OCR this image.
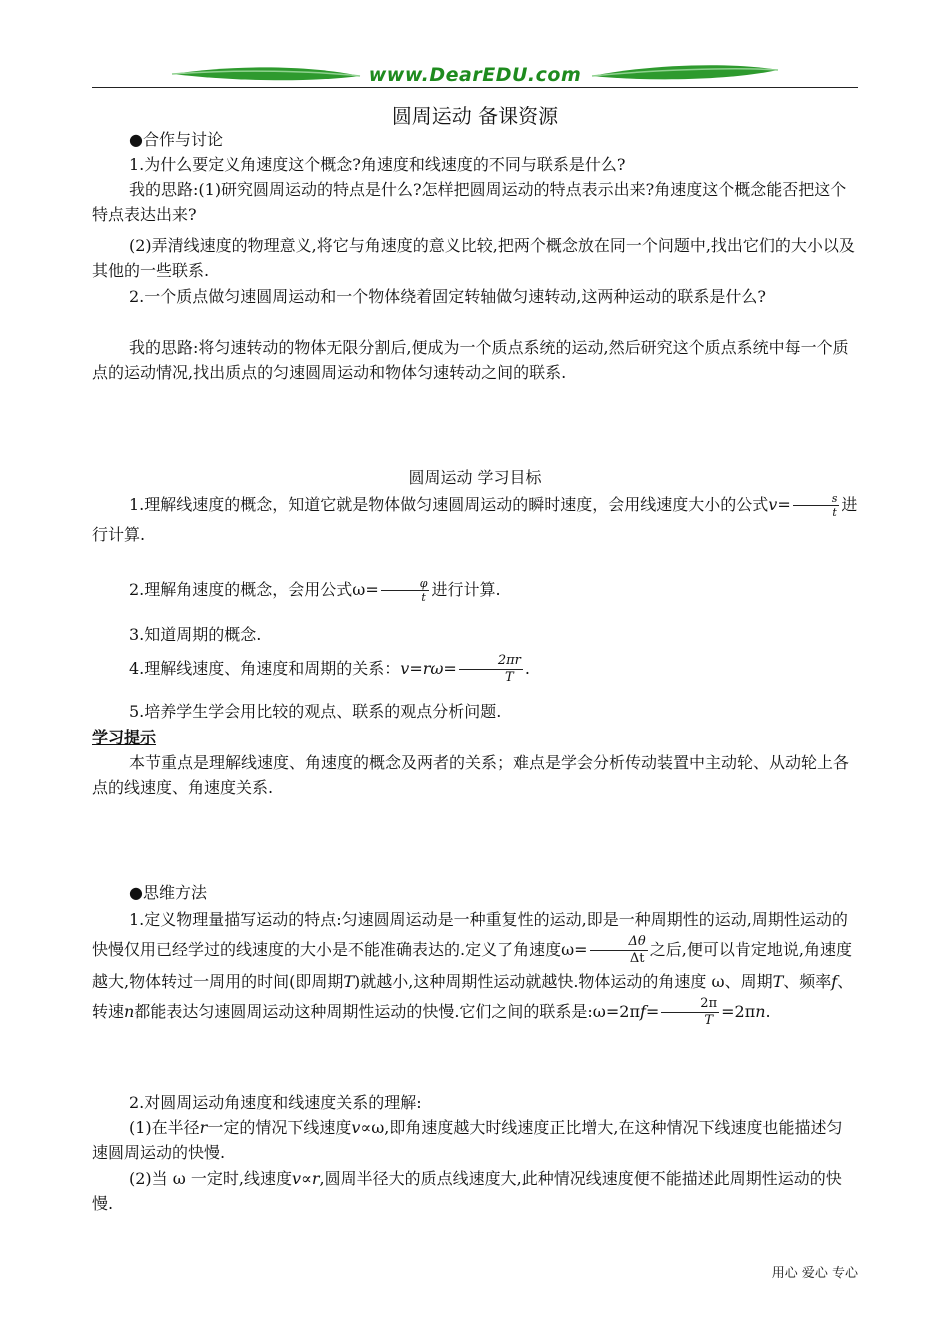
www.DearEDU.com
圆周运动 备课资源

●合作与讨论

1.为什么要定义角速度这个概念?角速度和线速度的不同与联系是什么?

我的思路:(1)研究圆周运动的特点是什么?怎样把圆周运动的特点表示出来?角速度这个概念能否把这个特点表达出来?

(2)弄清线速度的物理意义,将它与角速度的意义比较,把两个概念放在同一个问题中,找出它们的大小以及其他的一些联系.

2.一个质点做匀速圆周运动和一个物体绕着固定转轴做匀速转动,这两种运动的联系是什么?

我的思路:将匀速转动的物体无限分割后,便成为一个质点系统的运动,然后研究这个质点系统中每一个质点的运动情况,找出质点的匀速圆周运动和物体匀速转动之间的联系.

圆周运动 学习目标

1.理解线速度的概念，知道它就是物体做匀速圆周运动的瞬时速度，会用线速度大小的公式$v= \frac{s}{t}$ 进行计算.

2.理解角速度的概念，会用公式$\omega= \frac{\varphi}{t}$ 进行计算.

3.知道周期的概念.

4.理解线速度、角速度和周期的关系：$v=r\omega= \frac{2\pi r}{T}$ .

5.培养学生学会用比较的观点、联系的观点分析问题.

学习提示

本节重点是理解线速度、角速度的概念及两者的关系；难点是学会分析传动装置中主动轮、从动轮上各点的线速度、角速度关系.

●思维方法

1.定义物理量描写运动的特点:匀速圆周运动是一种重复性的运动,即是一种周期性的运动,周期性运动的快慢仅用已经学过的线速度的大小是不能准确表达的.定义了角速度$\omega= \frac{\Delta\theta}{\Delta t}$ 之后,便可以肯定地说,角速度越大,物体转过一周用的时间(即周期T)就越小,这种周期性运动就越快.物体运动的角速度 ω、周期T、频率f、转速n都能表达匀速圆周运动这种周期性运动的快慢.它们之间的联系是:ω=2πf= $\frac{2\pi}{T} =2\pi n$.

2.对圆周运动角速度和线速度关系的理解:

(1)在半径r一定的情况下线速度v∝ω,即角速度越大时线速度正比增大,在这种情况下线速度也能描述匀速圆周运动的快慢.

(2)当 ω 一定时,线速度v∝r,圆周半径大的质点线速度大,此种情况线速度便不能描述此周期性运动的快慢.

用心 爱心 专心
